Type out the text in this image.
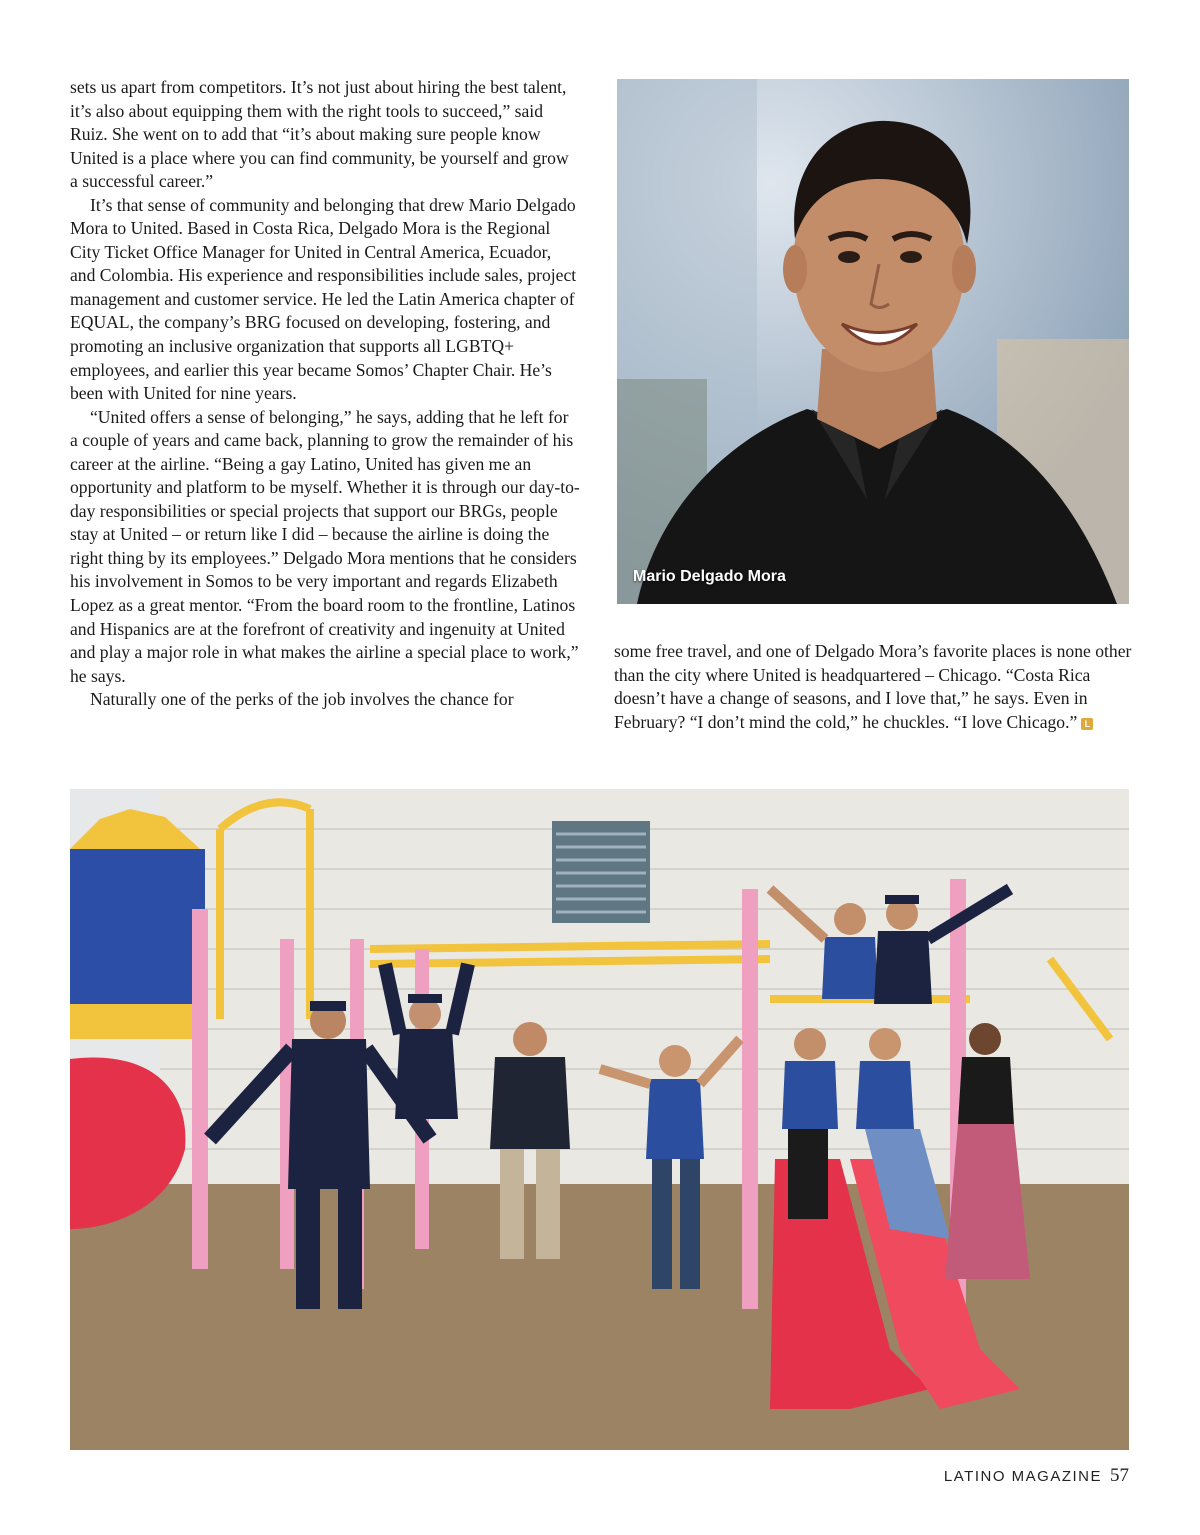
sets us apart from competitors. It’s not just about hiring the best talent, it’s also about equipping them with the right tools to succeed,” said Ruiz. She went on to add that “it’s about making sure people know United is a place where you can find community, be yourself and grow a successful career.”

It’s that sense of community and belonging that drew Mario Delgado Mora to United. Based in Costa Rica, Delgado Mora is the Regional City Ticket Office Manager for United in Central America, Ecuador, and Colombia. His experience and responsibilities include sales, project management and customer service. He led the Latin America chapter of EQUAL, the company’s BRG focused on developing, fostering, and promoting an inclusive organization that supports all LGBTQ+ employees, and earlier this year became Somos’ Chapter Chair. He’s been with United for nine years.

“United offers a sense of belonging,” he says, adding that he left for a couple of years and came back, planning to grow the remainder of his career at the airline. “Being a gay Latino, United has given me an opportunity and platform to be myself. Whether it is through our day-to-day responsibilities or special projects that support our BRGs, people stay at United – or return like I did – because the airline is doing the right thing by its employees.” Delgado Mora mentions that he considers his involvement in Somos to be very important and regards Elizabeth Lopez as a great mentor. “From the board room to the frontline, Latinos and Hispanics are at the forefront of creativity and ingenuity at United and play a major role in what makes the airline a special place to work,” he says.

Naturally one of the perks of the job involves the chance for

Mario Delgado Mora

some free travel, and one of Delgado Mora’s favorite places is none other than the city where United is headquartered – Chicago. “Costa Rica doesn’t have a change of seasons, and I love that,” he says. Even in February? “I don’t mind the cold,” he chuckles. “I love Chicago.” L

LATINO MAGAZINE 57
